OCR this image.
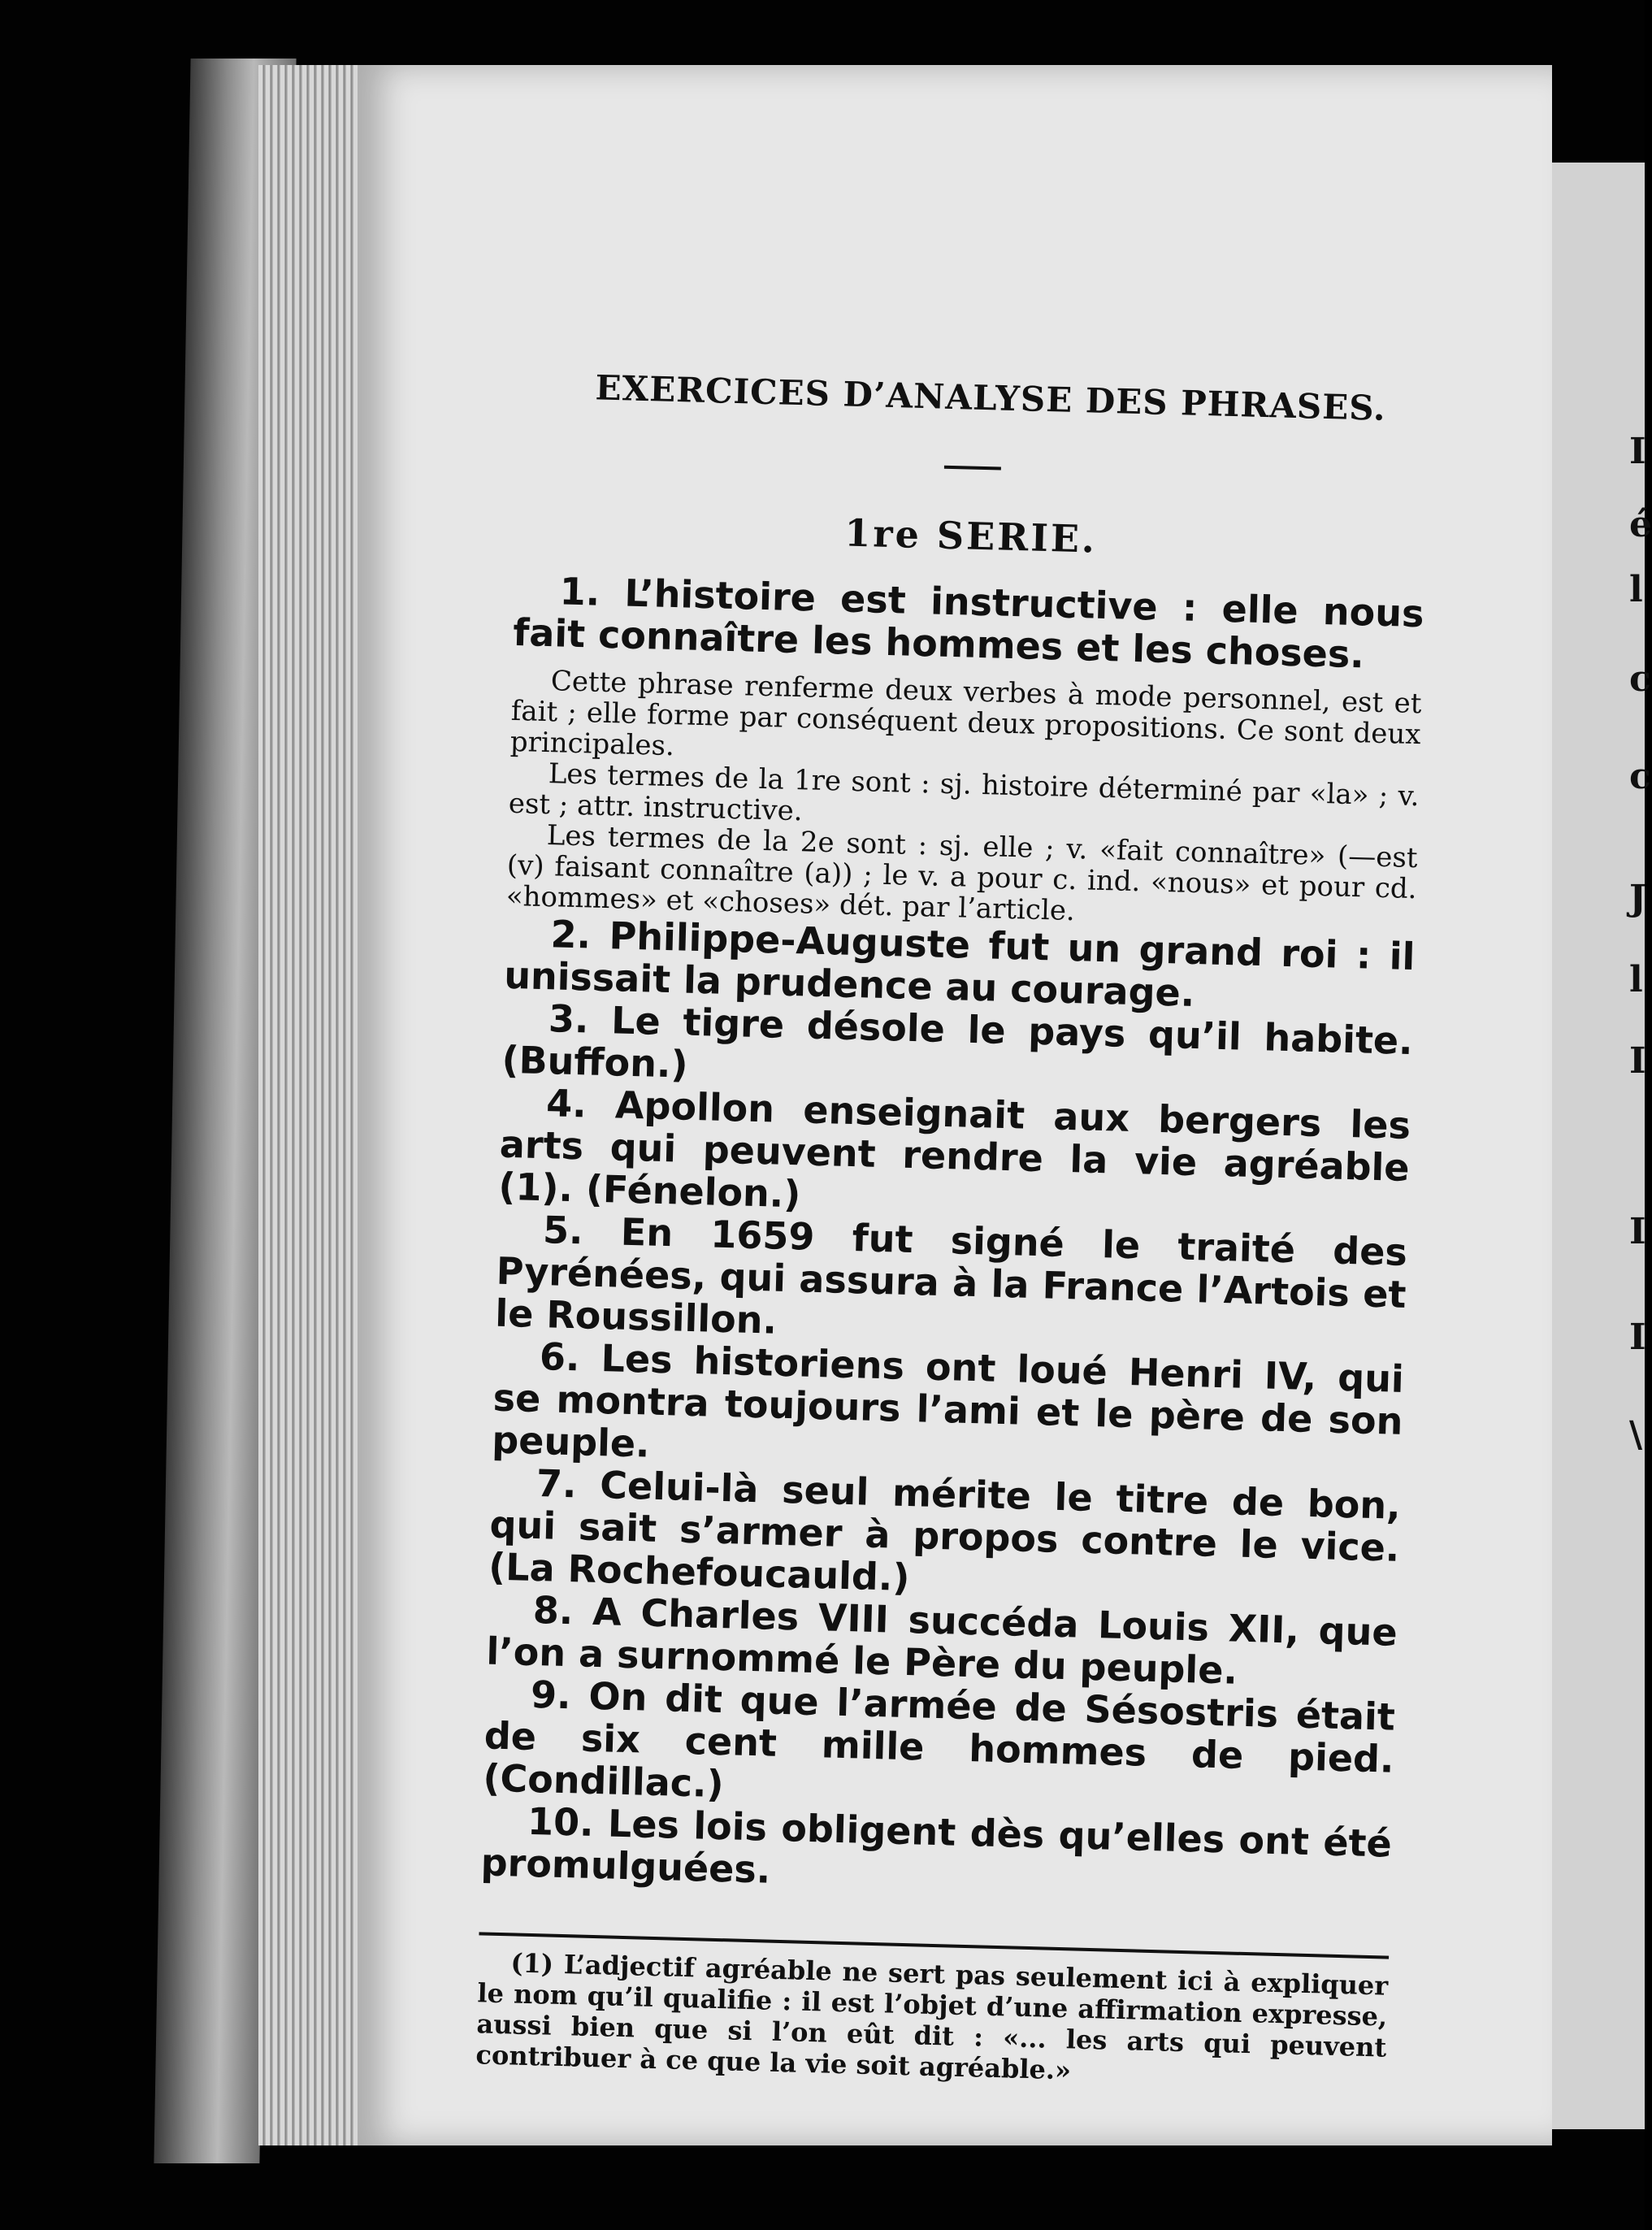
EXERCICES D’ANALYSE DES PHRASES.
1re SERIE.

1. L’histoire est instructive : elle nous fait connaître les hommes et les choses.

Cette phrase renferme deux verbes à mode personnel, est et fait ; elle forme par conséquent deux propositions. Ce sont deux principales.

Les termes de la 1re sont : sj. histoire déterminé par «la» ; v. est ; attr. instructive.

Les termes de la 2e sont : sj. elle ; v. «fait connaître» (—est (v) faisant connaître (a)) ; le v. a pour c. ind. «nous» et pour cd. «hommes» et «choses» dét. par l’article.

2. Philippe-Auguste fut un grand roi : il unissait la prudence au courage.

3. Le tigre désole le pays qu’il habite. (Buffon.)

4. Apollon enseignait aux bergers les arts qui peuvent rendre la vie agréable (1). (Fénelon.)

5. En 1659 fut signé le traité des Pyrénées, qui assura à la France l’Artois et le Roussillon.

6. Les historiens ont loué Henri IV, qui se montra toujours l’ami et le père de son peuple.

7. Celui-là seul mérite le titre de bon, qui sait s’armer à propos contre le vice. (La Rochefoucauld.)

8. A Charles VIII succéda Louis XII, que l’on a surnommé le Père du peuple.

9. On dit que l’armée de Sésostris était de six cent mille hommes de pied. (Condillac.)

10. Les lois obligent dès qu’elles ont été promulguées.

(1) L’adjectif agréable ne sert pas seulement ici à expliquer le nom qu’il qualifie : il est l’objet d’une affirmation expresse, aussi bien que si l’on eût dit : «... les arts qui peuvent contribuer à ce que la vie soit agréable.»

I
é
l
c
c
J
l
I
I
I
\
